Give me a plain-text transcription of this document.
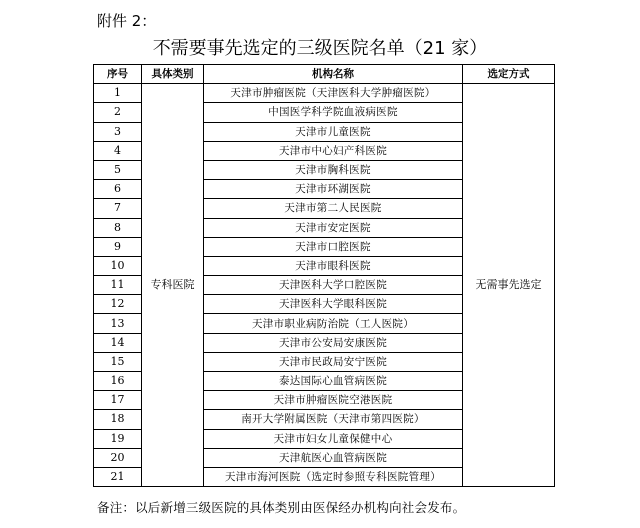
附件 2：
不需要事先选定的三级医院名单（21 家）
序号	具体类别	机构名称	选定方式
1	专科医院	天津市肿瘤医院（天津医科大学肿瘤医院）	无需事先选定
2		中国医学科学院血液病医院	
3		天津市儿童医院	
4		天津市中心妇产科医院	
5		天津市胸科医院	
6		天津市环湖医院	
7		天津市第二人民医院	
8		天津市安定医院	
9		天津市口腔医院	
10		天津市眼科医院	
11		天津医科大学口腔医院	
12		天津医科大学眼科医院	
13		天津市职业病防治院（工人医院）	
14		天津市公安局安康医院	
15		天津市民政局安宁医院	
16		泰达国际心血管病医院	
17		天津市肿瘤医院空港医院	
18		南开大学附属医院（天津市第四医院）	
19		天津市妇女儿童保健中心	
20		天津航医心血管病医院	
21		天津市海河医院（选定时参照专科医院管理）	
备注：以后新增三级医院的具体类别由医保经办机构向社会发布。
